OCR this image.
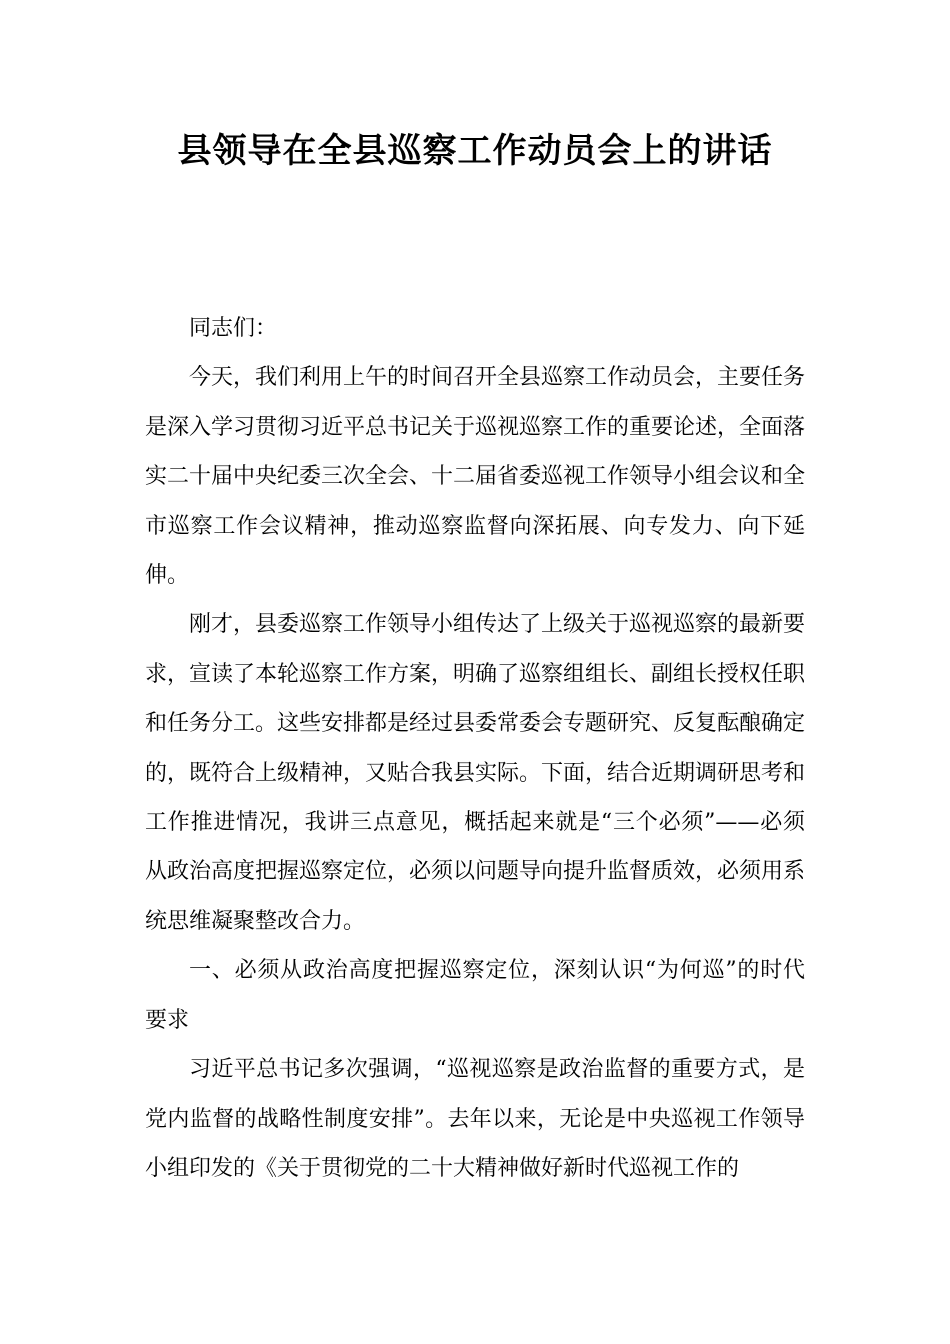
县领导在全县巡察工作动员会上的讲话

同志们：

今天，我们利用上午的时间召开全县巡察工作动员会，主要任务是深入学习贯彻习近平总书记关于巡视巡察工作的重要论述，全面落实二十届中央纪委三次全会、十二届省委巡视工作领导小组会议和全市巡察工作会议精神，推动巡察监督向深拓展、向专发力、向下延伸。

刚才，县委巡察工作领导小组传达了上级关于巡视巡察的最新要求，宣读了本轮巡察工作方案，明确了巡察组组长、副组长授权任职和任务分工。这些安排都是经过县委常委会专题研究、反复酝酿确定的，既符合上级精神，又贴合我县实际。下面，结合近期调研思考和工作推进情况，我讲三点意见，概括起来就是“三个必须”——必须从政治高度把握巡察定位，必须以问题导向提升监督质效，必须用系统思维凝聚整改合力。

一、必须从政治高度把握巡察定位，深刻认识“为何巡”的时代要求

习近平总书记多次强调，“巡视巡察是政治监督的重要方式，是党内监督的战略性制度安排”。去年以来，无论是中央巡视工作领导小组印发的《关于贯彻党的二十大精神做好新时代巡视工作的
